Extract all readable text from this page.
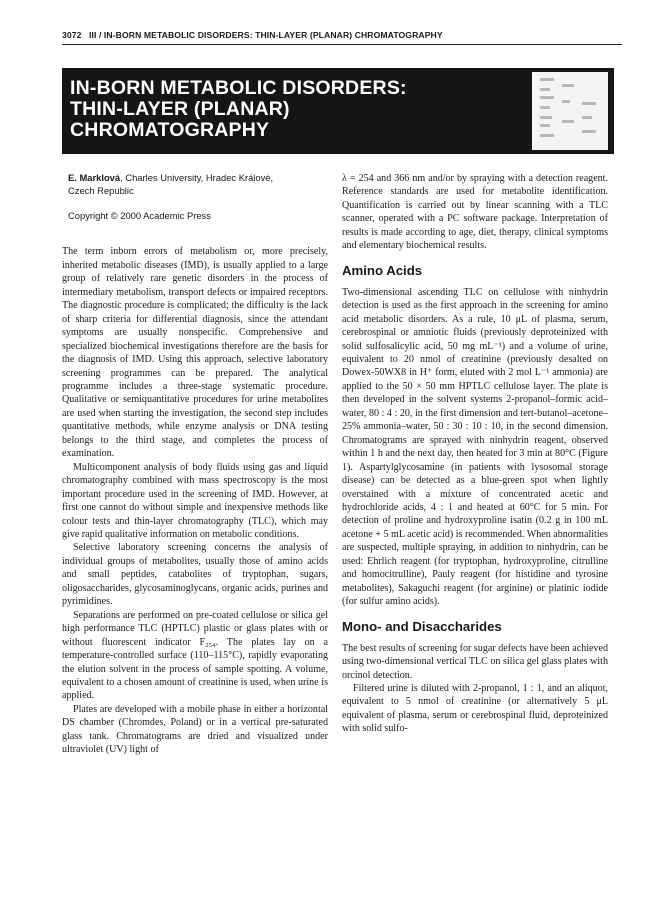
3072 III / IN-BORN METABOLIC DISORDERS: THIN-LAYER (PLANAR) CHROMATOGRAPHY
IN-BORN METABOLIC DISORDERS:
THIN-LAYER (PLANAR)
CHROMATOGRAPHY
E. Marklová, Charles University, Hradec Králové,
Czech Republic
Copyright © 2000 Academic Press

The term inborn errors of metabolism or, more precisely, inherited metabolic diseases (IMD), is usually applied to a large group of relatively rare genetic disorders in the process of intermediary metabolism, transport defects or impaired receptors. The diagnostic procedure is complicated; the difficulty is the lack of sharp criteria for differential diagnosis, since the attendant symptoms are usually nonspecific. Comprehensive and specialized biochemical investigations therefore are the basis for the diagnosis of IMD. Using this approach, selective laboratory screening programmes can be prepared. The analytical programme includes a three-stage systematic procedure. Qualitative or semiquantitative procedures for urine metabolites are used when starting the investigation, the second step includes quantitative methods, while enzyme analysis or DNA testing belongs to the third stage, and completes the process of examination.

Multicomponent analysis of body fluids using gas and liquid chromatography combined with mass spectroscopy is the most important procedure used in the screening of IMD. However, at first one cannot do without simple and inexpensive methods like colour tests and thin-layer chromatography (TLC), which may give rapid qualitative information on metabolic conditions.

Selective laboratory screening concerns the analysis of individual groups of metabolites, usually those of amino acids and small peptides, catabolites of tryptophan, sugars, oligosaccharides, glycosaminoglycans, organic acids, purines and pyrimidines.

Separations are performed on pre-coated cellulose or silica gel high performance TLC (HPTLC) plastic or glass plates with or without fluorescent indicator F₂₅₄. The plates lay on a temperature-controlled surface (110–115°C), rapidly evaporating the elution solvent in the process of sample spotting. A volume, equivalent to a chosen amount of creatinine is used, when urine is applied.

Plates are developed with a mobile phase in either a horizontal DS chamber (Chromdes, Poland) or in a vertical pre-saturated glass tank. Chromatograms are dried and visualized under ultraviolet (UV) light of

λ = 254 and 366 nm and/or by spraying with a detection reagent. Reference standards are used for metabolite identification. Quantification is carried out by linear scanning with a TLC scanner, operated with a PC software package. Interpretation of results is made according to age, diet, therapy, clinical symptoms and elementary biochemical results.

Amino Acids

Two-dimensional ascending TLC on cellulose with ninhydrin detection is used as the first approach in the screening for amino acid metabolic disorders. As a rule, 10 μL of plasma, serum, cerebrospinal or amniotic fluids (previously deproteinized with solid sulfosalicylic acid, 50 mg mL⁻¹) and a volume of urine, equivalent to 20 nmol of creatinine (previously desalted on Dowex-50WX8 in H⁺ form, eluted with 2 mol L⁻¹ ammonia) are applied to the 50 × 50 mm HPTLC cellulose layer. The plate is then developed in the solvent systems 2-propanol–formic acid–water, 80 : 4 : 20, in the first dimension and tert-butanol–acetone–25% ammonia–water, 50 : 30 : 10 : 10, in the second dimension. Chromatograms are sprayed with ninhydrin reagent, observed within 1 h and the next day, then heated for 3 min at 80°C (Figure 1). Aspartylglycosamine (in patients with lysosomal storage disease) can be detected as a blue-green spot when lightly overstained with a mixture of concentrated acetic and hydrochloride acids, 4 : 1 and heated at 60°C for 5 min. For detection of proline and hydroxyproline isatin (0.2 g in 100 mL acetone + 5 mL acetic acid) is recommended. When abnormalities are suspected, multiple spraying, in addition to ninhydrin, can be used: Ehrlich reagent (for tryptophan, hydroxyproline, citrulline and homocitrulline), Pauly reagent (for histidine and tyrosine metabolites), Sakaguchi reagent (for arginine) or platinic iodide (for sulfur amino acids).

Mono- and Disaccharides

The best results of screening for sugar defects have been achieved using two-dimensional vertical TLC on silica gel glass plates with orcinol detection.

Filtered urine is diluted with 2-propanol, 1 : 1, and an aliquot, equivalent to 5 nmol of creatinine (or alternatively 5 μL equivalent of plasma, serum or cerebrospinal fluid, deproteinized with solid sulfo-
